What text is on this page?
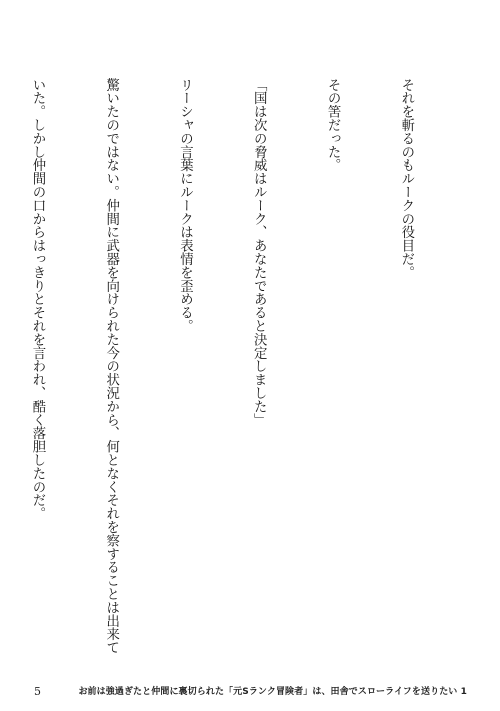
それを斬るのもルークの役目だ。

その筈だった。

「国は次の脅威はルーク、あなたであると決定しました」

リーシャの言葉にルークは表情を歪める。

驚いたのではない。仲間に武器を向けられた今の状況から、何となくそれを察することは出来て

いた。しかし仲間の口からはっきりとそれを言われ、酷く落胆したのだ。

5	お前は強過ぎたと仲間に裏切られた「元Sランク冒険者」は、田舎でスローライフを送りたい 1
